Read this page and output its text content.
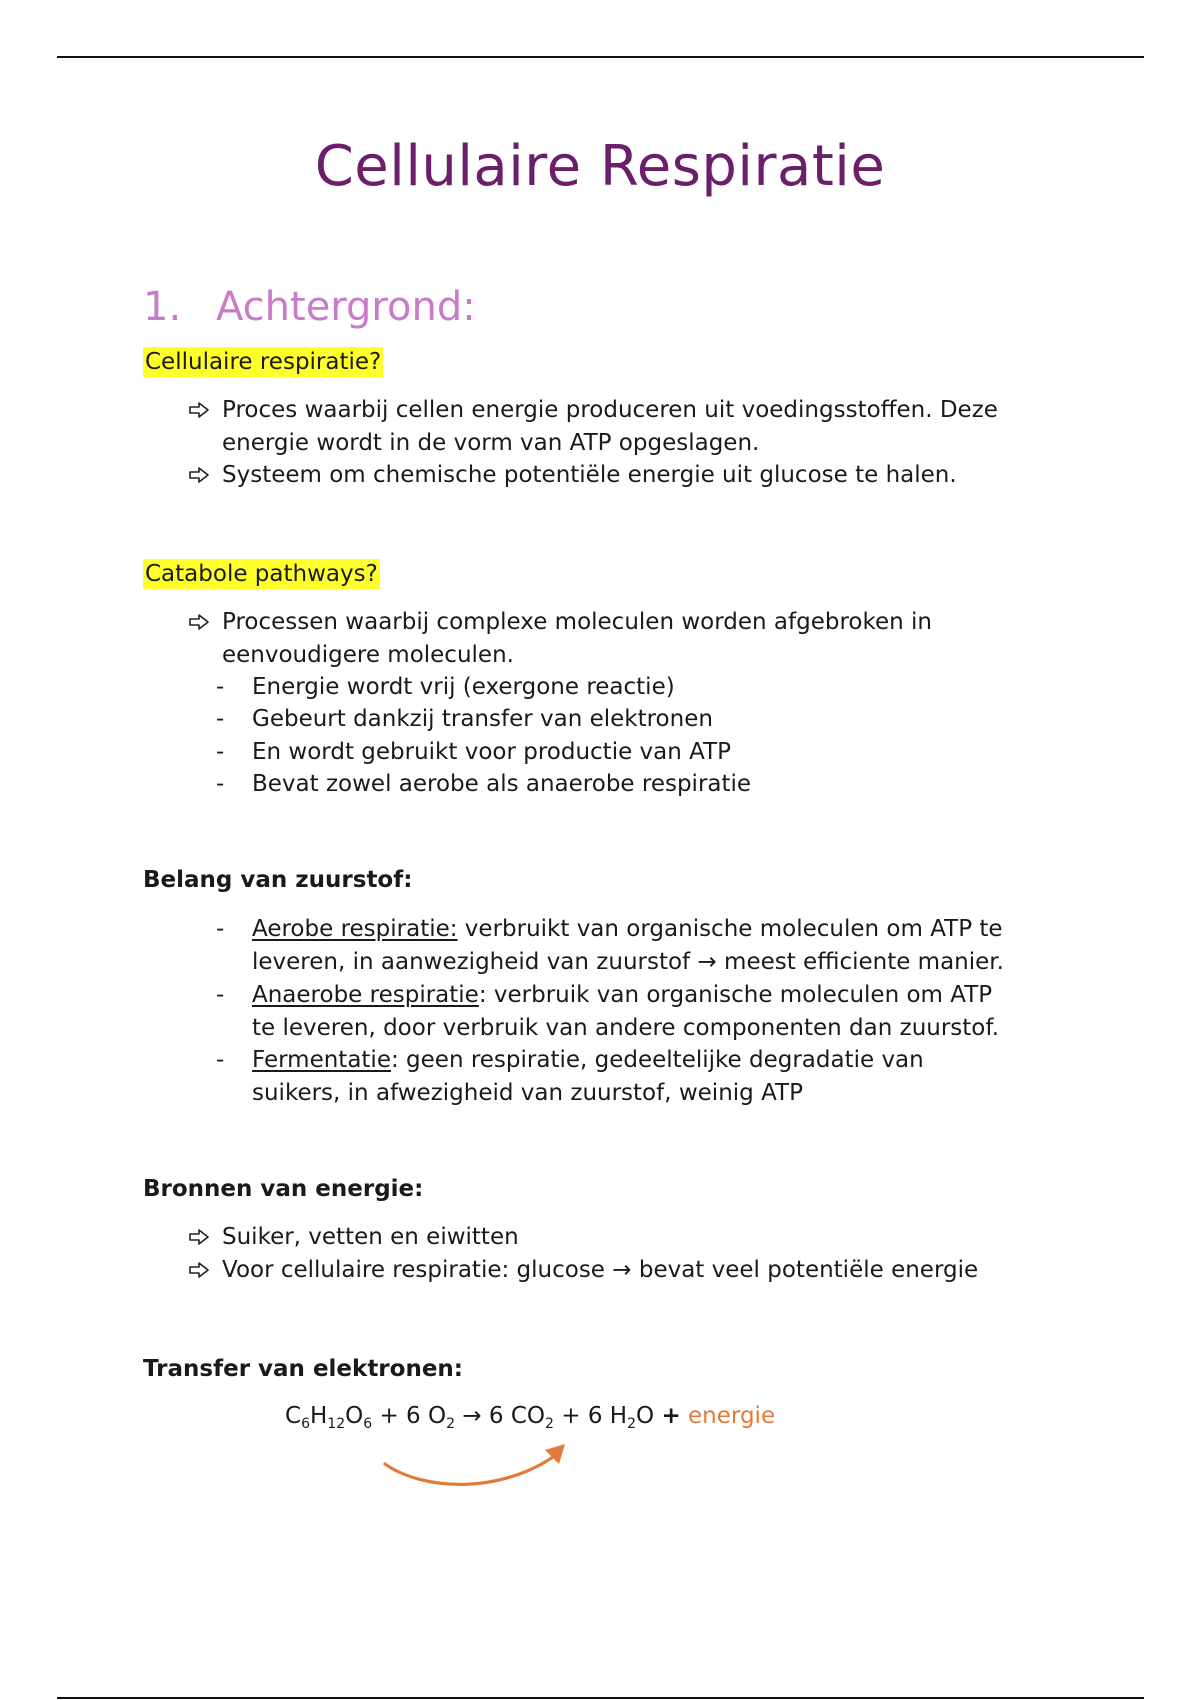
Cellulaire Respiratie
1. Achtergrond:
Cellulaire respiratie?
Proces waarbij cellen energie produceren uit voedingsstoffen. Deze energie wordt in de vorm van ATP opgeslagen.
Systeem om chemische potentiële energie uit glucose te halen.
Catabole pathways?
Processen waarbij complexe moleculen worden afgebroken in
eenvoudigere moleculen.
- Energie wordt vrij (exergone reactie)
- Gebeurt dankzij transfer van elektronen
- En wordt gebruikt voor productie van ATP
- Bevat zowel aerobe als anaerobe respiratie
Belang van zuurstof:
- Aerobe respiratie: verbruikt van organische moleculen om ATP te
leveren, in aanwezigheid van zuurstof → meest efficiente manier.
- Anaerobe respiratie: verbruik van organische moleculen om ATP
te leveren, door verbruik van andere componenten dan zuurstof.
- Fermentatie: geen respiratie, gedeeltelijke degradatie van
suikers, in afwezigheid van zuurstof, weinig ATP
Bronnen van energie:
Suiker, vetten en eiwitten
Voor cellulaire respiratie: glucose → bevat veel potentiële energie
Transfer van elektronen:
$C_6H_{12}O_6 + 6$ $O_2 \to 6$ $CO_2 + 6$ $H_2O$ + energie
